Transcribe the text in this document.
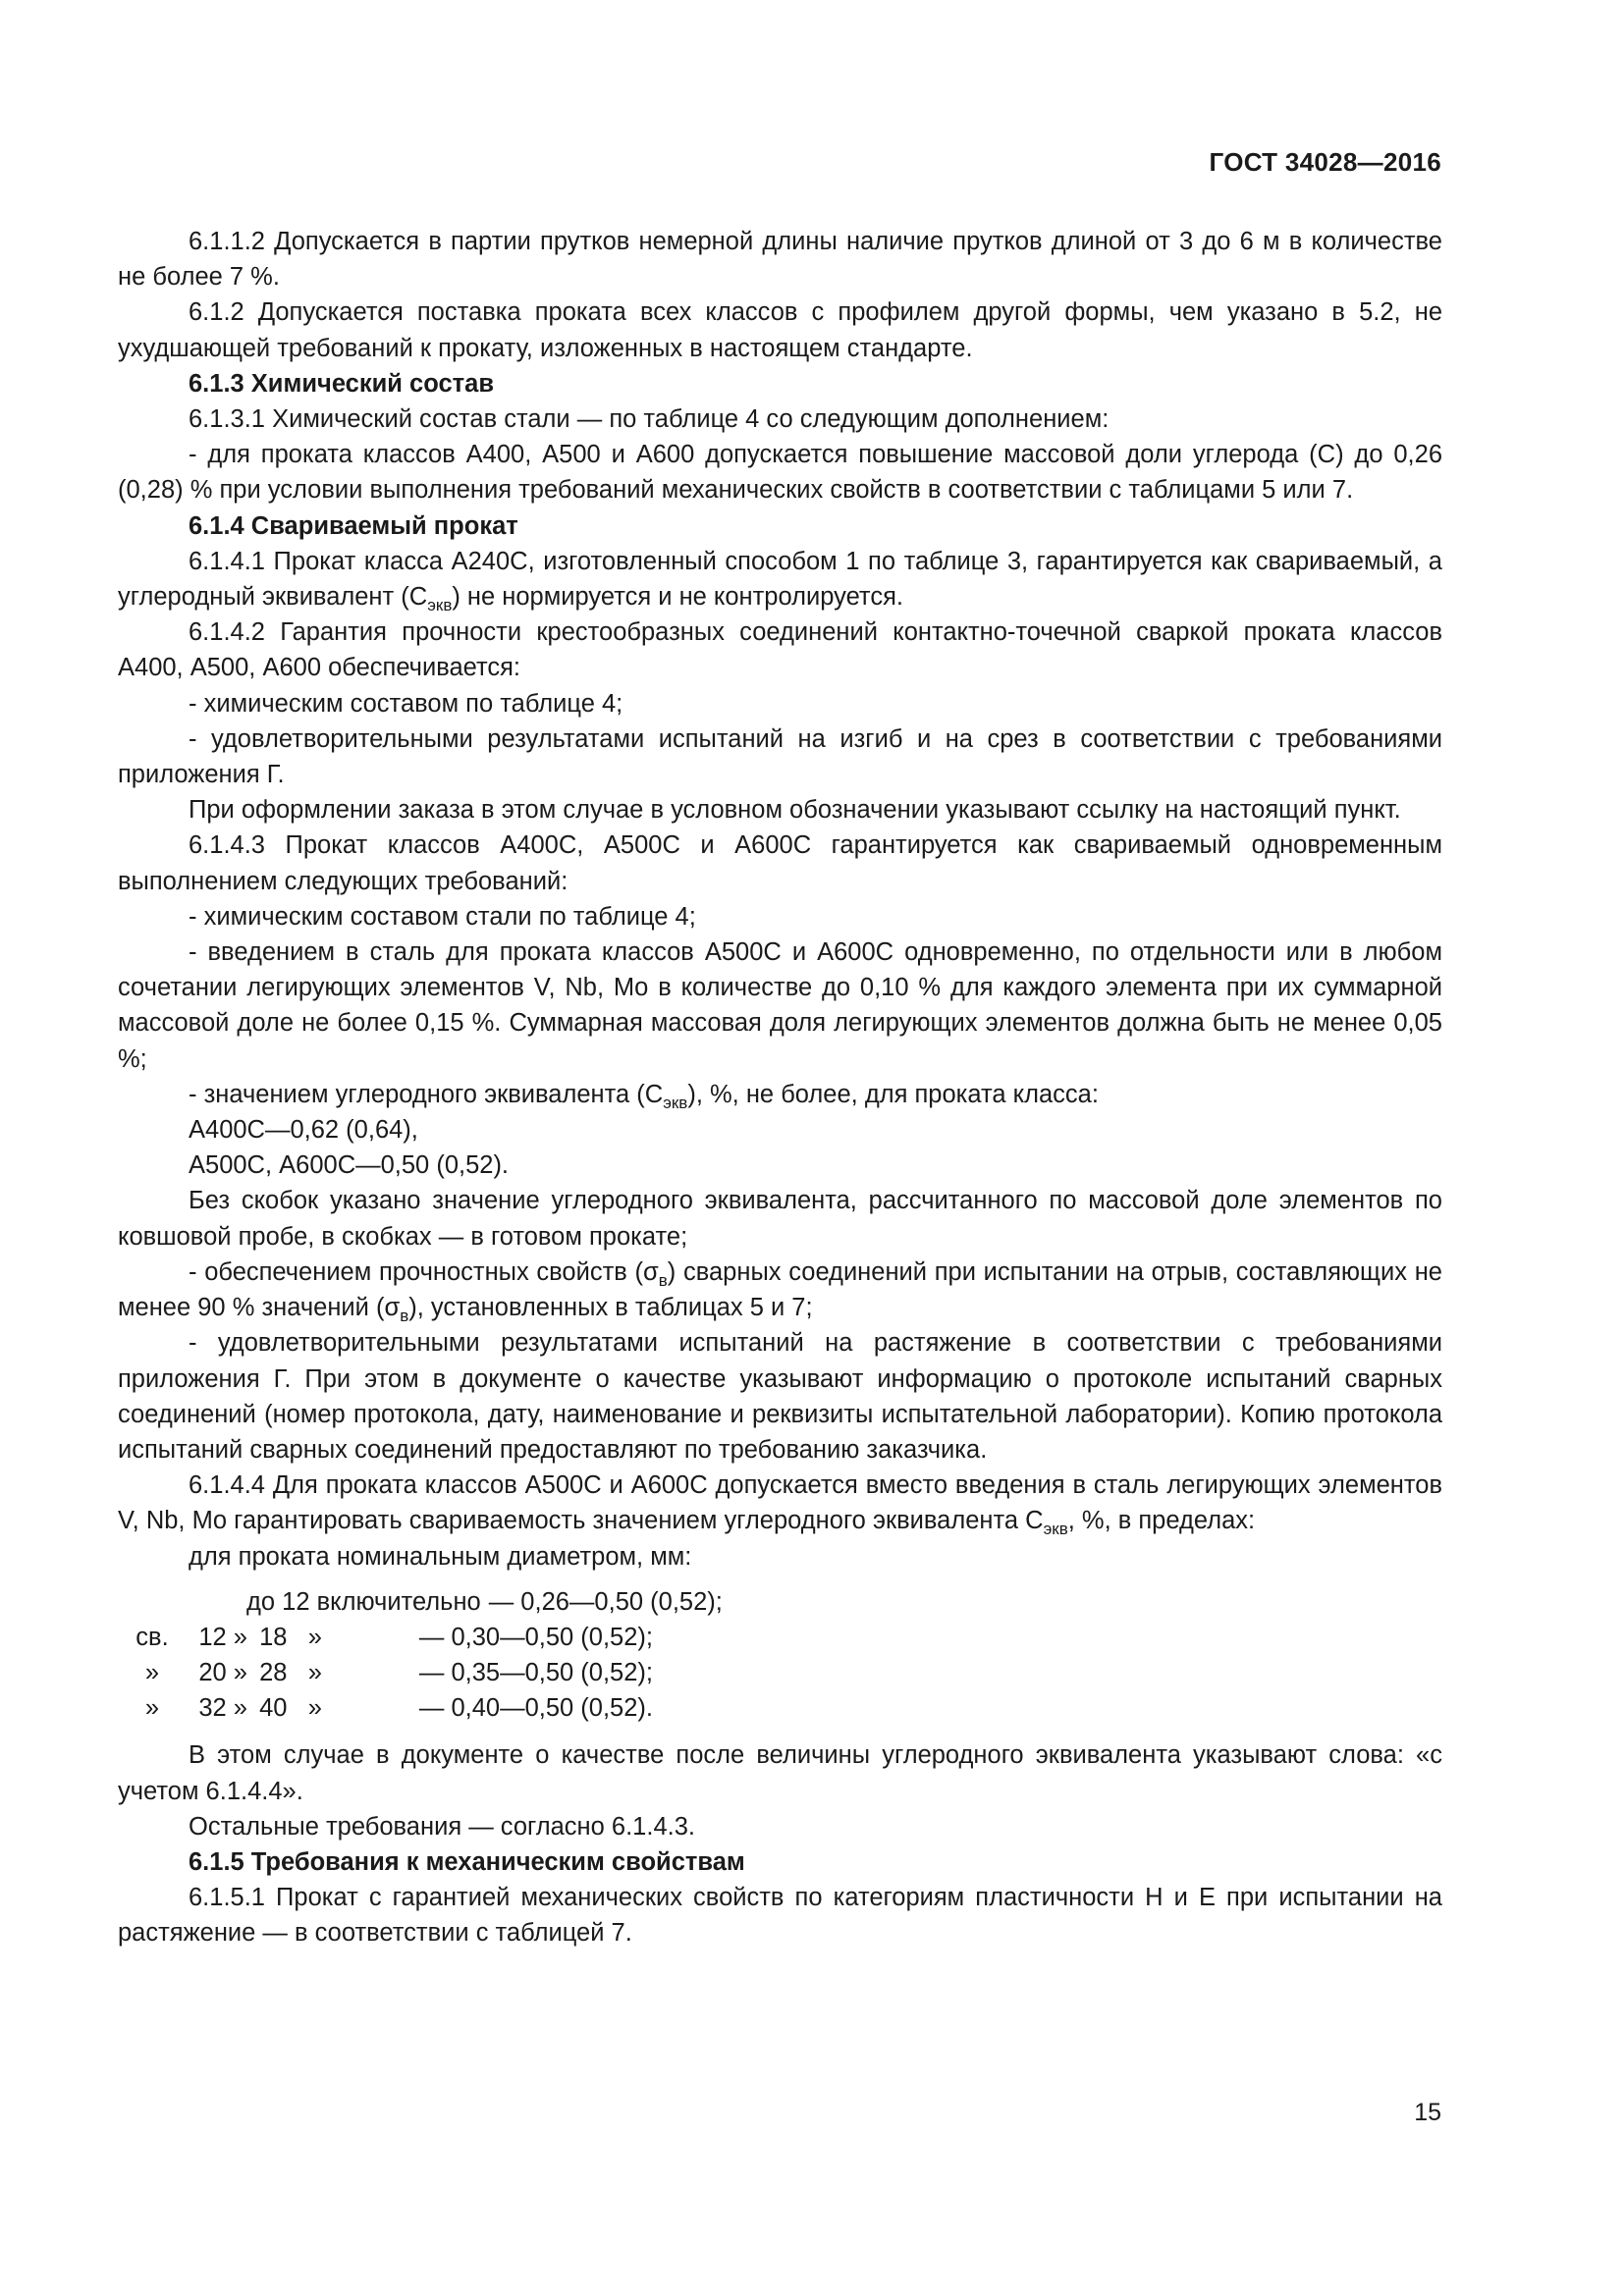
ГОСТ 34028—2016

6.1.1.2 Допускается в партии прутков немерной длины наличие прутков длиной от 3 до 6 м в количестве не более 7 %.

6.1.2 Допускается поставка проката всех классов с профилем другой формы, чем указано в 5.2, не ухудшающей требований к прокату, изложенных в настоящем стандарте.

6.1.3 Химический состав

6.1.3.1 Химический состав стали — по таблице 4 со следующим дополнением:

- для проката классов А400, А500 и А600 допускается повышение массовой доли углерода (С) до 0,26 (0,28) % при условии выполнения требований механических свойств в соответствии с таблицами 5 или 7.

6.1.4 Свариваемый прокат

6.1.4.1 Прокат класса А240С, изготовленный способом 1 по таблице 3, гарантируется как свариваемый, а углеродный эквивалент $(С_{экв})$ не нормируется и не контролируется.

6.1.4.2 Гарантия прочности крестообразных соединений контактно-точечной сваркой проката классов А400, А500, А600 обеспечивается:

- химическим составом по таблице 4;

- удовлетворительными результатами испытаний на изгиб и на срез в соответствии с требованиями приложения Г.

При оформлении заказа в этом случае в условном обозначении указывают ссылку на настоящий пункт.

6.1.4.3 Прокат классов А400С, А500С и А600С гарантируется как свариваемый одновременным выполнением следующих требований:

- химическим составом стали по таблице 4;

- введением в сталь для проката классов А500С и А600С одновременно, по отдельности или в любом сочетании легирующих элементов V, Nb, Mo в количестве до 0,10 % для каждого элемента при их суммарной массовой доле не более 0,15 %. Суммарная массовая доля легирующих элементов должна быть не менее 0,05 %;

- значением углеродного эквивалента $(С_{экв})$, %, не более, для проката класса:

А400С—0,62 (0,64),

А500С, А600С—0,50 (0,52).

Без скобок указано значение углеродного эквивалента, рассчитанного по массовой доле элементов по ковшовой пробе, в скобках — в готовом прокате;

- обеспечением прочностных свойств $(\sigma_в)$ сварных соединений при испытании на отрыв, составляющих не менее 90 % значений $(\sigma_в)$, установленных в таблицах 5 и 7;

- удовлетворительными результатами испытаний на растяжение в соответствии с требованиями приложения Г. При этом в документе о качестве указывают информацию о протоколе испытаний сварных соединений (номер протокола, дату, наименование и реквизиты испытательной лаборатории). Копию протокола испытаний сварных соединений предоставляют по требованию заказчика.

6.1.4.4 Для проката классов А500С и А600С допускается вместо введения в сталь легирующих элементов V, Nb, Mo гарантировать свариваемость значением углеродного эквивалента $С_{экв}$, %, в пределах:

для проката номинальным диаметром, мм:

до 12 включительно — 0,26—0,50 (0,52);
св.	12 » 18   »	— 0,30—0,50 (0,52);
»	20 » 28   »	— 0,35—0,50 (0,52);
»	32 » 40   »	— 0,40—0,50 (0,52).

В этом случае в документе о качестве после величины углеродного эквивалента указывают слова: «с учетом 6.1.4.4».

Остальные требования — согласно 6.1.4.3.

6.1.5 Требования к механическим свойствам

6.1.5.1 Прокат с гарантией механических свойств по категориям пластичности Н и Е при испытании на растяжение — в соответствии с таблицей 7.

15
